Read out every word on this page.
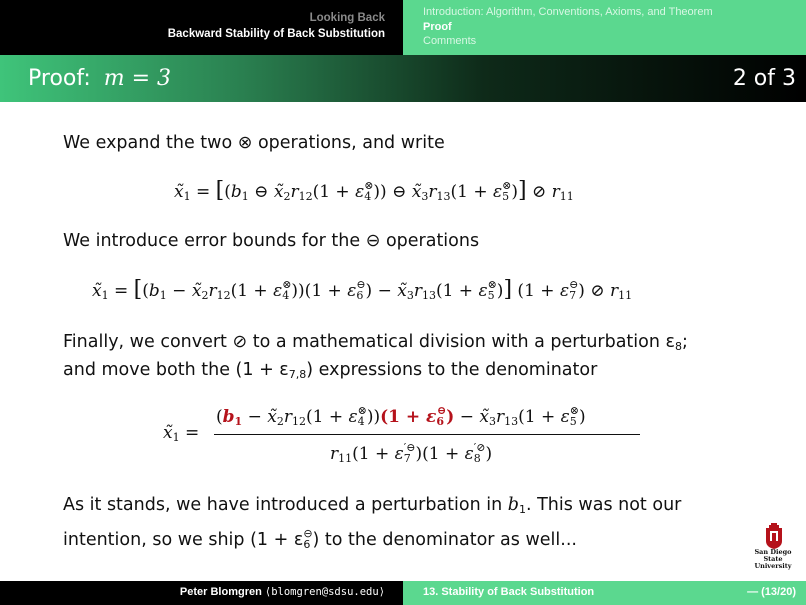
Looking Back
Backward Stability of Back Substitution
Introduction: Algorithm, Conventions, Axioms, and Theorem
Proof
Comments
Proof: m = 3	2 of 3
We expand the two ⊗ operations, and write
$x̃_1 = [(b_1$ ⊖ $x̃_2r_{12}(1 + \varepsilon_4^\otimes)$) ⊖ $x̃_3r_{13}(1 + \varepsilon_5^\otimes)$] ⊘ $r_{11}$
We introduce error bounds for the ⊖ operations
$x̃_1 = [(b_1$ − $x̃_2r_{12}(1 + \varepsilon_4^\otimes))(1 + \varepsilon_6^⊖)$ − $x̃_3r_{13}(1 + \varepsilon_5^\otimes)$] $(1 + \varepsilon_7^⊖)$ ⊘ $r_{11}$
Finally, we convert ⊘ to a mathematical division with a perturbation $\varepsilon_8$;
and move both the $(1 + \varepsilon_{7,8})$ expressions to the denominator
$x̃_1$ =
($b_1$ − $x̃_2r_{12}(1 + \varepsilon_4^\otimes))(1 + \varepsilon_6^⊖)$ − $x̃_3r_{13}(1 + \varepsilon_5^\otimes)$
$r_{11}(1 + \varepsilon_7^{'⊖})(1 + \varepsilon_8^{'⊘})$
As it stands, we have introduced a perturbation in $b_1$. This was not our
intention, so we ship $(1 + \varepsilon_6^⊖)$ to the denominator as well...
San Diego State
University
Peter Blomgren ⟨blomgren@sdsu.edu⟩	13. Stability of Back Substitution	— (13/20)
